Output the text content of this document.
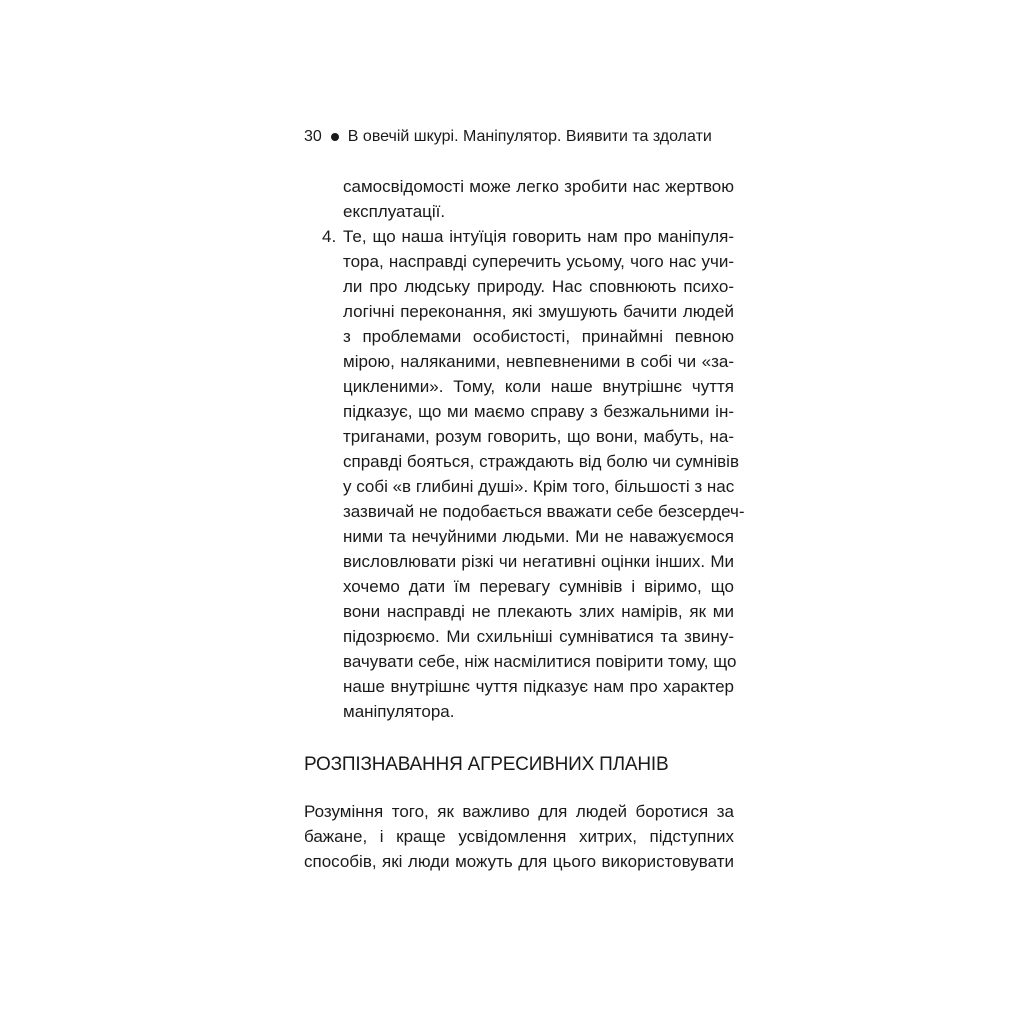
30 В овечій шкурі. Маніпулятор. Виявити та здолати
самосвідомості може легко зробити нас жертвою
експлуатації.
4. Те, що наша інтуїція говорить нам про маніпуля-
тора, насправді суперечить усьому, чого нас учи-
ли про людську природу. Нас сповнюють психо-
логічні переконання, які змушують бачити людей
з проблемами особистості, принаймні певною
мірою, наляканими, невпевненими в собі чи «за-
цикленими». Тому, коли наше внутрішнє чуття
підказує, що ми маємо справу з безжальними ін-
триганами, розум говорить, що вони, мабуть, на-
справді бояться, страждають від болю чи сумнівів
у собі «в глибині душі». Крім того, більшості з нас
зазвичай не подобається вважати себе безсердеч-
ними та нечуйними людьми. Ми не наважуємося
висловлювати різкі чи негативні оцінки інших. Ми
хочемо дати їм перевагу сумнівів і віримо, що
вони насправді не плекають злих намірів, як ми
підозрюємо. Ми схильніші сумніватися та звину-
вачувати себе, ніж насмілитися повірити тому, що
наше внутрішнє чуття підказує нам про характер
маніпулятора.
РОЗПІЗНАВАННЯ АГРЕСИВНИХ ПЛАНІВ
Розуміння того, як важливо для людей боротися за
бажане, і краще усвідомлення хитрих, підступних
способів, які люди можуть для цього використовувати
